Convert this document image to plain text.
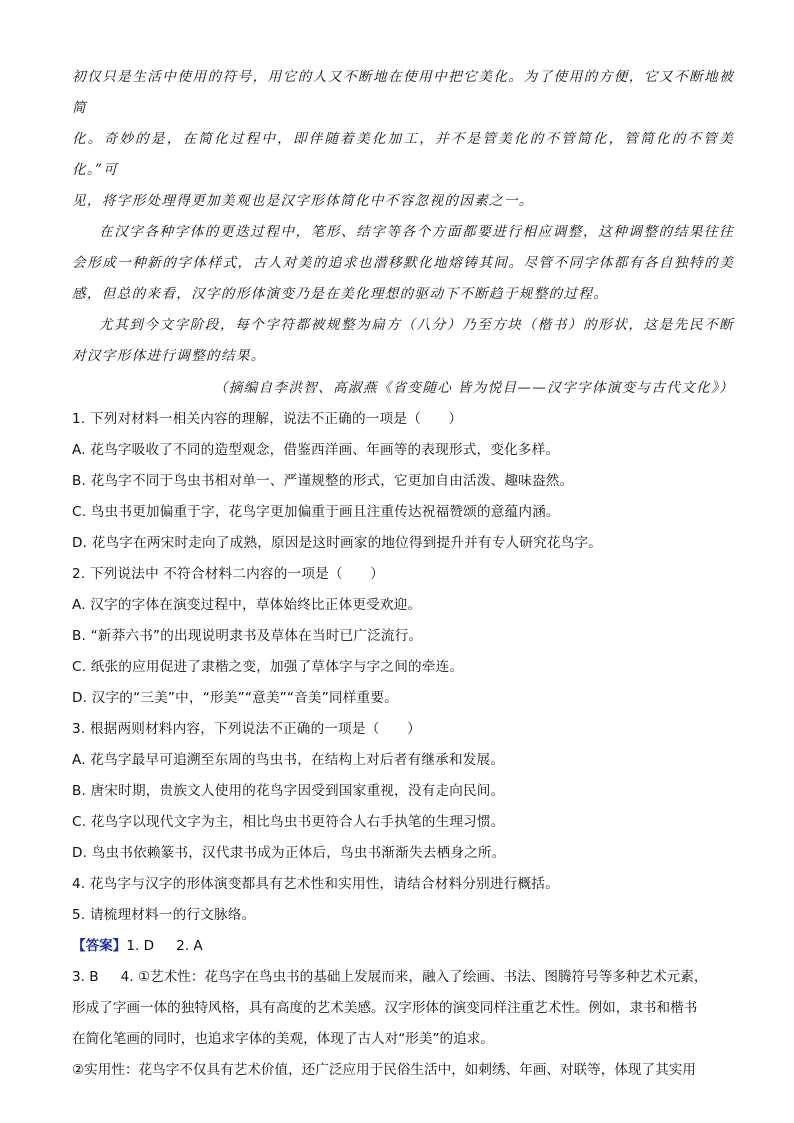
初仅只是生活中使用的符号，用它的人又不断地在使用中把它美化。为了使用的方便，它又不断地被简

化。奇妙的是，在简化过程中，即伴随着美化加工，并不是管美化的不管简化，管简化的不管美化。”可

见，将字形处理得更加美观也是汉字形体简化中不容忽视的因素之一。

在汉字各种字体的更迭过程中，笔形、结字等各个方面都要进行相应调整，这种调整的结果往往会形成一种新的字体样式，古人对美的追求也潜移默化地熔铸其间。尽管不同字体都有各自独特的美感，但总的来看，汉字的形体演变乃是在美化理想的驱动下不断趋于规整的过程。

尤其到今文字阶段，每个字符都被规整为扁方（八分）乃至方块（楷书）的形状，这是先民不断对汉字形体进行调整的结果。

（摘编自李洪智、高淑燕《省变随心 皆为悦目——汉字字体演变与古代文化》）

1. 下列对材料一相关内容的理解，说法不正确的一项是（　　）

A. 花鸟字吸收了不同的造型观念，借鉴西洋画、年画等的表现形式，变化多样。

B. 花鸟字不同于鸟虫书相对单一、严谨规整的形式，它更加自由活泼、趣味盎然。

C. 鸟虫书更加偏重于字，花鸟字更加偏重于画且注重传达祝福赞颂的意蕴内涵。

D. 花鸟字在两宋时走向了成熟，原因是这时画家的地位得到提升并有专人研究花鸟字。

2. 下列说法中 不符合材料二内容的一项是（　　）

A. 汉字的字体在演变过程中，草体始终比正体更受欢迎。

B. “新莽六书”的出现说明隶书及草体在当时已广泛流行。

C. 纸张的应用促进了隶楷之变，加强了草体字与字之间的牵连。

D. 汉字的“三美”中，“形美”“意美”“音美”同样重要。

3. 根据两则材料内容，下列说法不正确的一项是（　　）

A. 花鸟字最早可追溯至东周的鸟虫书，在结构上对后者有继承和发展。

B. 唐宋时期，贵族文人使用的花鸟字因受到国家重视，没有走向民间。

C. 花鸟字以现代文字为主，相比鸟虫书更符合人右手执笔的生理习惯。

D. 鸟虫书依赖篆书，汉代隶书成为正体后，鸟虫书渐渐失去栖身之所。

4. 花鸟字与汉字的形体演变都具有艺术性和实用性，请结合材料分别进行概括。

5. 请梳理材料一的行文脉络。

【答案】1. D 2. A

3. B 4. ①艺术性：花鸟字在鸟虫书的基础上发展而来，融入了绘画、书法、图腾符号等多种艺术元素，

形成了字画一体的独特风格，具有高度的艺术美感。汉字形体的演变同样注重艺术性。例如，隶书和楷书

在简化笔画的同时，也追求字体的美观，体现了古人对“形美”的追求。

②实用性：花鸟字不仅具有艺术价值，还广泛应用于民俗生活中，如刺绣、年画、对联等，体现了其实用
